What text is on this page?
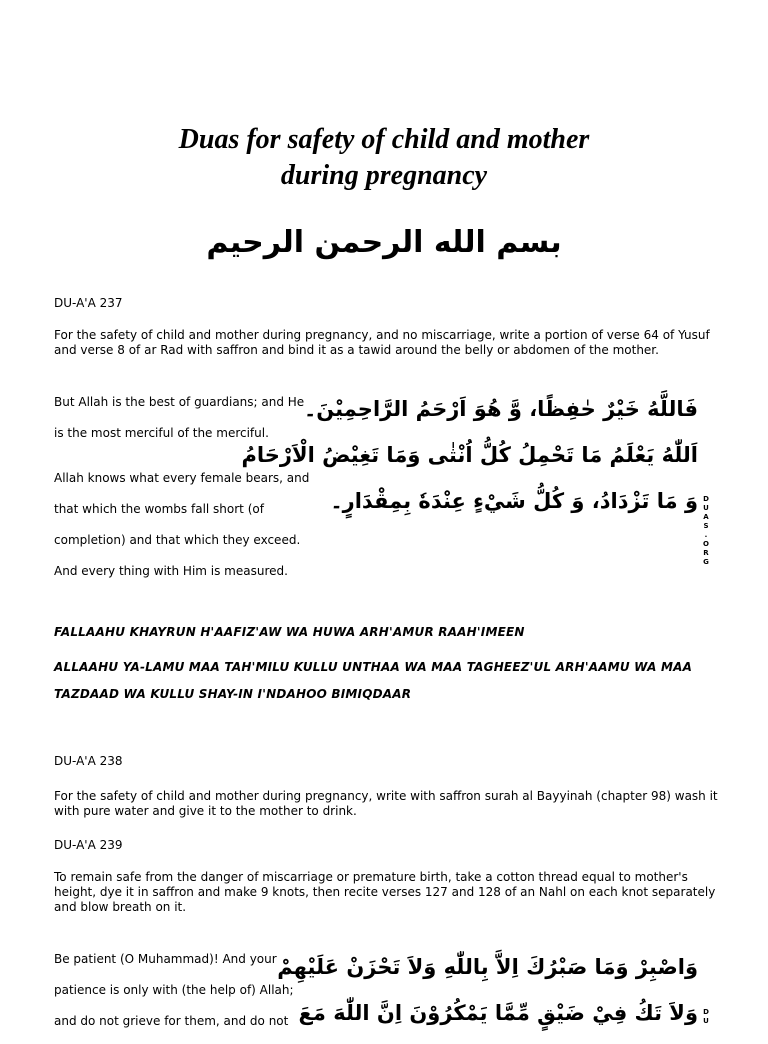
Duas for safety of child and mother
during pregnancy
بسم الله الرحمن الرحيم
DU-A'A 237
For the safety of child and mother during pregnancy, and no miscarriage, write a portion of verse 64 of Yusuf and verse 8 of ar Rad with saffron and bind it as a tawid around the belly or abdomen of the mother.
But Allah is the best of guardians; and He
is the most merciful of the merciful.
Allah knows what every female bears, and
that which the wombs fall short (of
completion) and that which they exceed.
And every thing with Him is measured.
فَاللَّهُ خَيْرٌ حٰفِظًا، وَّ هُوَ اَرْحَمُ الرَّاحِمِيْنَ۔
اَللّٰهُ يَعْلَمُ مَا تَحْمِلُ كُلُّ اُنْثٰى وَمَا تَغِيْضُ الْاَرْحَامُ
وَ مَا تَزْدَادُ، وَ كُلُّ شَيْءٍ عِنْدَهٗ بِمِقْدَارٍ۔ D
U
A
S
.
O
R
G
FALLAAHU KHAYRUN H'AAFIZ'AW WA HUWA ARH'AMUR RAAH'IMEEN
ALLAAHU YA-LAMU MAA TAH'MILU KULLU UNTHAA WA MAA TAGHEEZ'UL ARH'AAMU WA MAA
TAZDAAD WA KULLU SHAY-IN I'NDAHOO BIMIQDAAR
DU-A'A 238
For the safety of child and mother during pregnancy, write with saffron surah al Bayyinah (chapter 98) wash it with pure water and give it to the mother to drink.
DU-A'A 239
To remain safe from the danger of miscarriage or premature birth, take a cotton thread equal to mother's height, dye it in saffron and make 9 knots, then recite verses 127 and 128 of an Nahl on each knot separately and blow breath on it.
Be patient (O Muhammad)! And your
patience is only with (the help of) Allah;
and do not grieve for them, and do not
وَاصْبِرْ وَمَا صَبْرُكَ اِلاَّ بِاللّٰهِ وَلاَ تَحْزَنْ عَلَيْهِمْ
وَلاَ تَكُ فِيْ ضَيْقٍ مِّمَّا يَمْكُرُوْنَ اِنَّ اللّٰهَ مَعَ D
U
